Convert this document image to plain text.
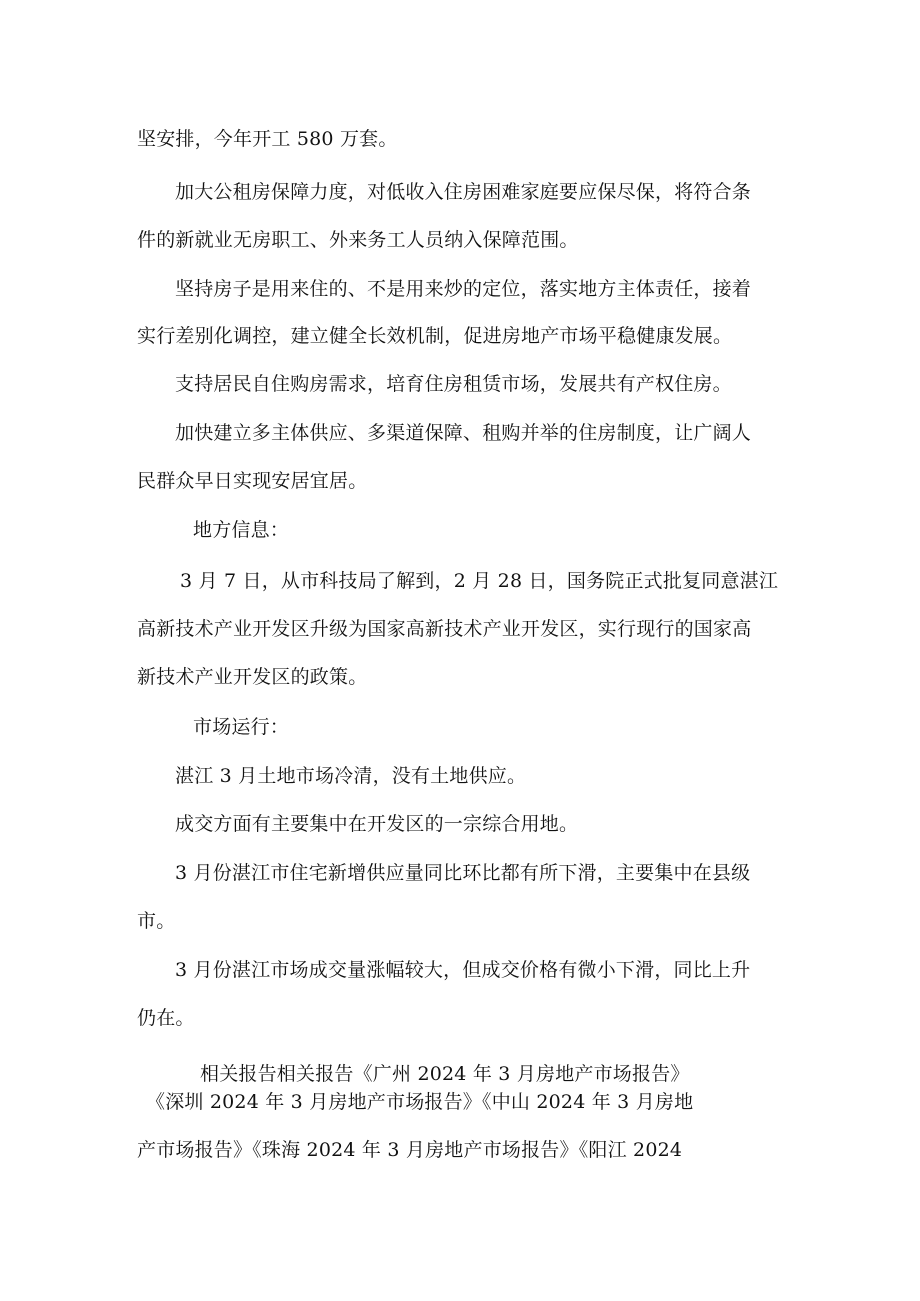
坚安排，今年开工 580 万套。
加大公租房保障力度，对低收入住房困难家庭要应保尽保，将符合条
件的新就业无房职工、外来务工人员纳入保障范围。
坚持房子是用来住的、不是用来炒的定位，落实地方主体责任，接着
实行差别化调控，建立健全长效机制，促进房地产市场平稳健康发展。
支持居民自住购房需求，培育住房租赁市场，发展共有产权住房。
加快建立多主体供应、多渠道保障、租购并举的住房制度，让广阔人
民群众早日实现安居宜居。
地方信息：
3 月 7 日，从市科技局了解到，2 月 28 日，国务院正式批复同意湛江
高新技术产业开发区升级为国家高新技术产业开发区，实行现行的国家高
新技术产业开发区的政策。
市场运行：
湛江 3 月土地市场冷清，没有土地供应。
成交方面有主要集中在开发区的一宗综合用地。
3 月份湛江市住宅新增供应量同比环比都有所下滑，主要集中在县级
市。
3 月份湛江市场成交量涨幅较大，但成交价格有微小下滑，同比上升
仍在。
相关报告相关报告《广州 2024 年 3 月房地产市场报告》
《深圳 2024 年 3 月房地产市场报告》《中山 2024 年 3 月房地
产市场报告》《珠海 2024 年 3 月房地产市场报告》《阳江 2024
